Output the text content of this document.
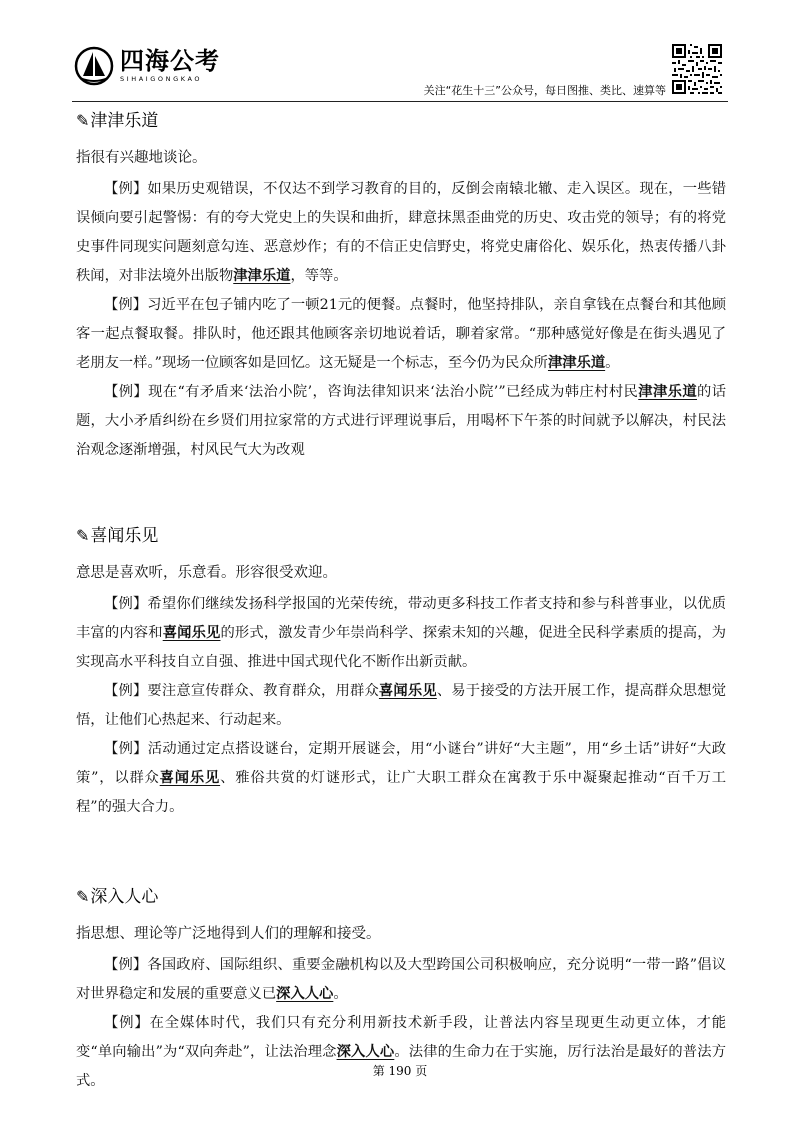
四海公考
SIHAIGONGKAO
关注“花生十三”公众号，每日图推、类比、速算等
✎津津乐道
指很有兴趣地谈论。

【例】如果历史观错误，不仅达不到学习教育的目的，反倒会南辕北辙、走入误区。现在，一些错误倾向要引起警惕：有的夸大党史上的失误和曲折，肆意抹黑歪曲党的历史、攻击党的领导；有的将党史事件同现实问题刻意勾连、恶意炒作；有的不信正史信野史，将党史庸俗化、娱乐化，热衷传播八卦秩闻，对非法境外出版物津津乐道，等等。

【例】习近平在包子铺内吃了一顿21元的便餐。点餐时，他坚持排队，亲自拿钱在点餐台和其他顾客一起点餐取餐。排队时，他还跟其他顾客亲切地说着话，聊着家常。“那种感觉好像是在街头遇见了老朋友一样。”现场一位顾客如是回忆。这无疑是一个标志，至今仍为民众所津津乐道。

【例】现在“有矛盾来‘法治小院’，咨询法律知识来‘法治小院’”已经成为韩庄村村民津津乐道的话题，大小矛盾纠纷在乡贤们用拉家常的方式进行评理说事后，用喝杯下午茶的时间就予以解决，村民法治观念逐渐增强，村风民气大为改观

✎喜闻乐见
意思是喜欢听，乐意看。形容很受欢迎。

【例】希望你们继续发扬科学报国的光荣传统，带动更多科技工作者支持和参与科普事业，以优质丰富的内容和喜闻乐见的形式，激发青少年崇尚科学、探索未知的兴趣，促进全民科学素质的提高，为实现高水平科技自立自强、推进中国式现代化不断作出新贡献。

【例】要注意宣传群众、教育群众，用群众喜闻乐见、易于接受的方法开展工作，提高群众思想觉悟，让他们心热起来、行动起来。

【例】活动通过定点搭设谜台，定期开展谜会，用“小谜台”讲好“大主题”，用“乡土话”讲好“大政策”，以群众喜闻乐见、雅俗共赏的灯谜形式，让广大职工群众在寓教于乐中凝聚起推动“百千万工程”的强大合力。

✎深入人心
指思想、理论等广泛地得到人们的理解和接受。

【例】各国政府、国际组织、重要金融机构以及大型跨国公司积极响应，充分说明“一带一路”倡议对世界稳定和发展的重要意义已深入人心。

【例】在全媒体时代，我们只有充分利用新技术新手段，让普法内容呈现更生动更立体，才能变“单向输出”为“双向奔赴”，让法治理念深入人心。法律的生命力在于实施，厉行法治是最好的普法方式。

第 190 页
